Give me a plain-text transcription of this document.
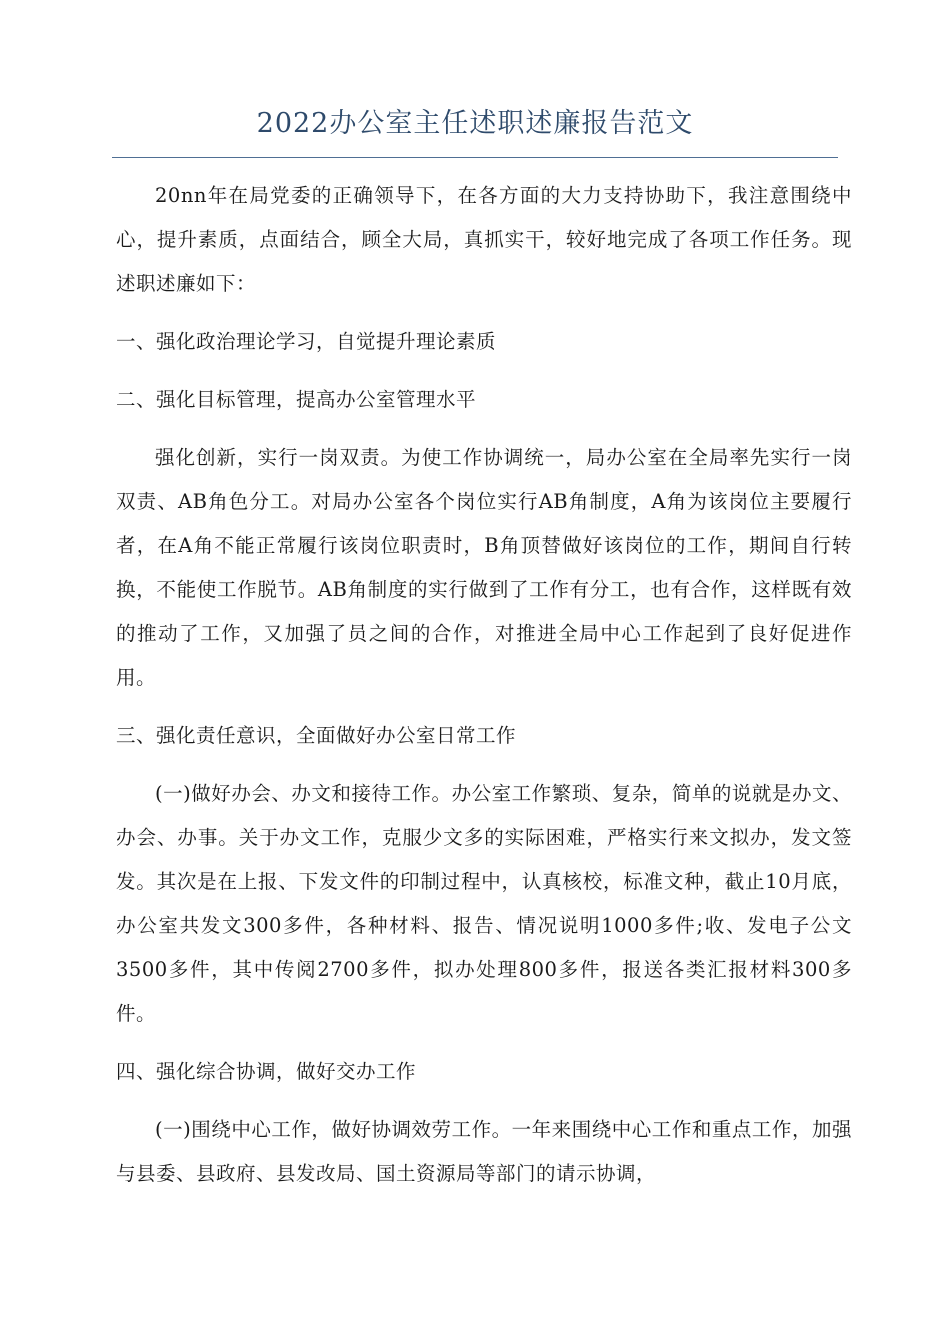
2022办公室主任述职述廉报告范文

20nn年在局党委的正确领导下，在各方面的大力支持协助下，我注意围绕中心，提升素质，点面结合，顾全大局，真抓实干，较好地完成了各项工作任务。现述职述廉如下：

一、强化政治理论学习，自觉提升理论素质

二、强化目标管理，提高办公室管理水平

强化创新，实行一岗双责。为使工作协调统一，局办公室在全局率先实行一岗双责、AB角色分工。对局办公室各个岗位实行AB角制度，A角为该岗位主要履行者，在A角不能正常履行该岗位职责时，B角顶替做好该岗位的工作，期间自行转换，不能使工作脱节。AB角制度的实行做到了工作有分工，也有合作，这样既有效的推动了工作，又加强了员之间的合作，对推进全局中心工作起到了良好促进作用。

三、强化责任意识，全面做好办公室日常工作

(一)做好办会、办文和接待工作。办公室工作繁琐、复杂，简单的说就是办文、办会、办事。关于办文工作，克服少文多的实际困难，严格实行来文拟办，发文签发。其次是在上报、下发文件的印制过程中，认真核校，标准文种，截止10月底，办公室共发文300多件，各种材料、报告、情况说明1000多件;收、发电子公文3500多件，其中传阅2700多件，拟办处理800多件，报送各类汇报材料300多件。

四、强化综合协调，做好交办工作

(一)围绕中心工作，做好协调效劳工作。一年来围绕中心工作和重点工作，加强与县委、县政府、县发改局、国土资源局等部门的请示协调，
